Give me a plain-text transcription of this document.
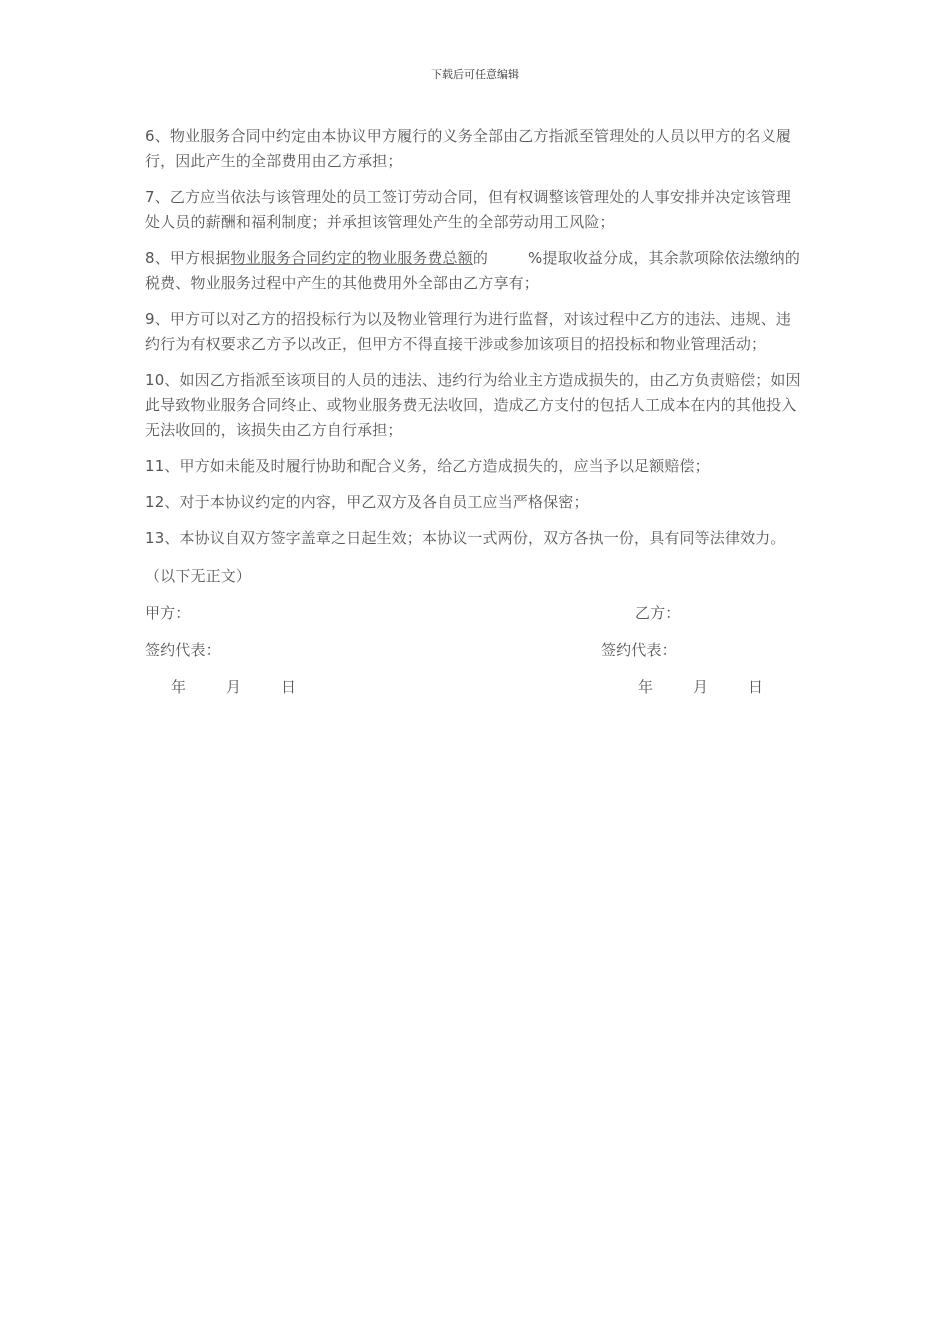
下载后可任意编辑

6、物业服务合同中约定由本协议甲方履行的义务全部由乙方指派至管理处的人员以甲方的名义履行，因此产生的全部费用由乙方承担；

7、乙方应当依法与该管理处的员工签订劳动合同，但有权调整该管理处的人事安排并决定该管理处人员的薪酬和福利制度；并承担该管理处产生的全部劳动用工风险；

8、甲方根据物业服务合同约定的物业服务费总额的	%提取收益分成，其余款项除依法缴纳的税费、物业服务过程中产生的其他费用外全部由乙方享有；

9、甲方可以对乙方的招投标行为以及物业管理行为进行监督，对该过程中乙方的违法、违规、违约行为有权要求乙方予以改正，但甲方不得直接干涉或参加该项目的招投标和物业管理活动；

10、如因乙方指派至该项目的人员的违法、违约行为给业主方造成损失的，由乙方负责赔偿；如因此导致物业服务合同终止、或物业服务费无法收回，造成乙方支付的包括人工成本在内的其他投入无法收回的，该损失由乙方自行承担；

11、甲方如未能及时履行协助和配合义务，给乙方造成损失的，应当予以足额赔偿；

12、对于本协议约定的内容，甲乙双方及各自员工应当严格保密；

13、本协议自双方签字盖章之日起生效；本协议一式两份，双方各执一份，具有同等法律效力。

（以下无正文）

甲方：	乙方：
签约代表：	签约代表：
年	月	日	年	月	日
